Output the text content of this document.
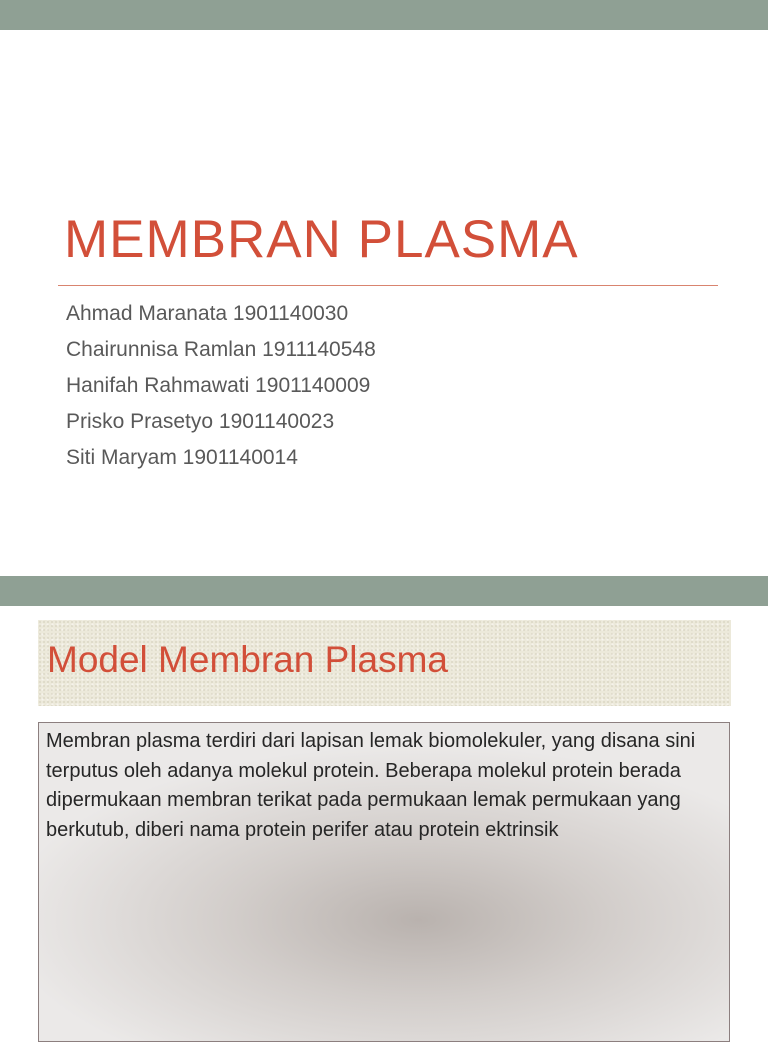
MEMBRAN PLASMA
Ahmad Maranata 1901140030
Chairunnisa Ramlan 1911140548
Hanifah Rahmawati 1901140009
Prisko Prasetyo 1901140023
Siti Maryam 1901140014
Model Membran Plasma

Membran plasma terdiri dari lapisan lemak biomolekuler, yang disana sini terputus oleh adanya molekul protein. Beberapa molekul protein berada dipermukaan membran terikat pada permukaan lemak permukaan yang berkutub, diberi nama protein perifer atau protein ektrinsik
